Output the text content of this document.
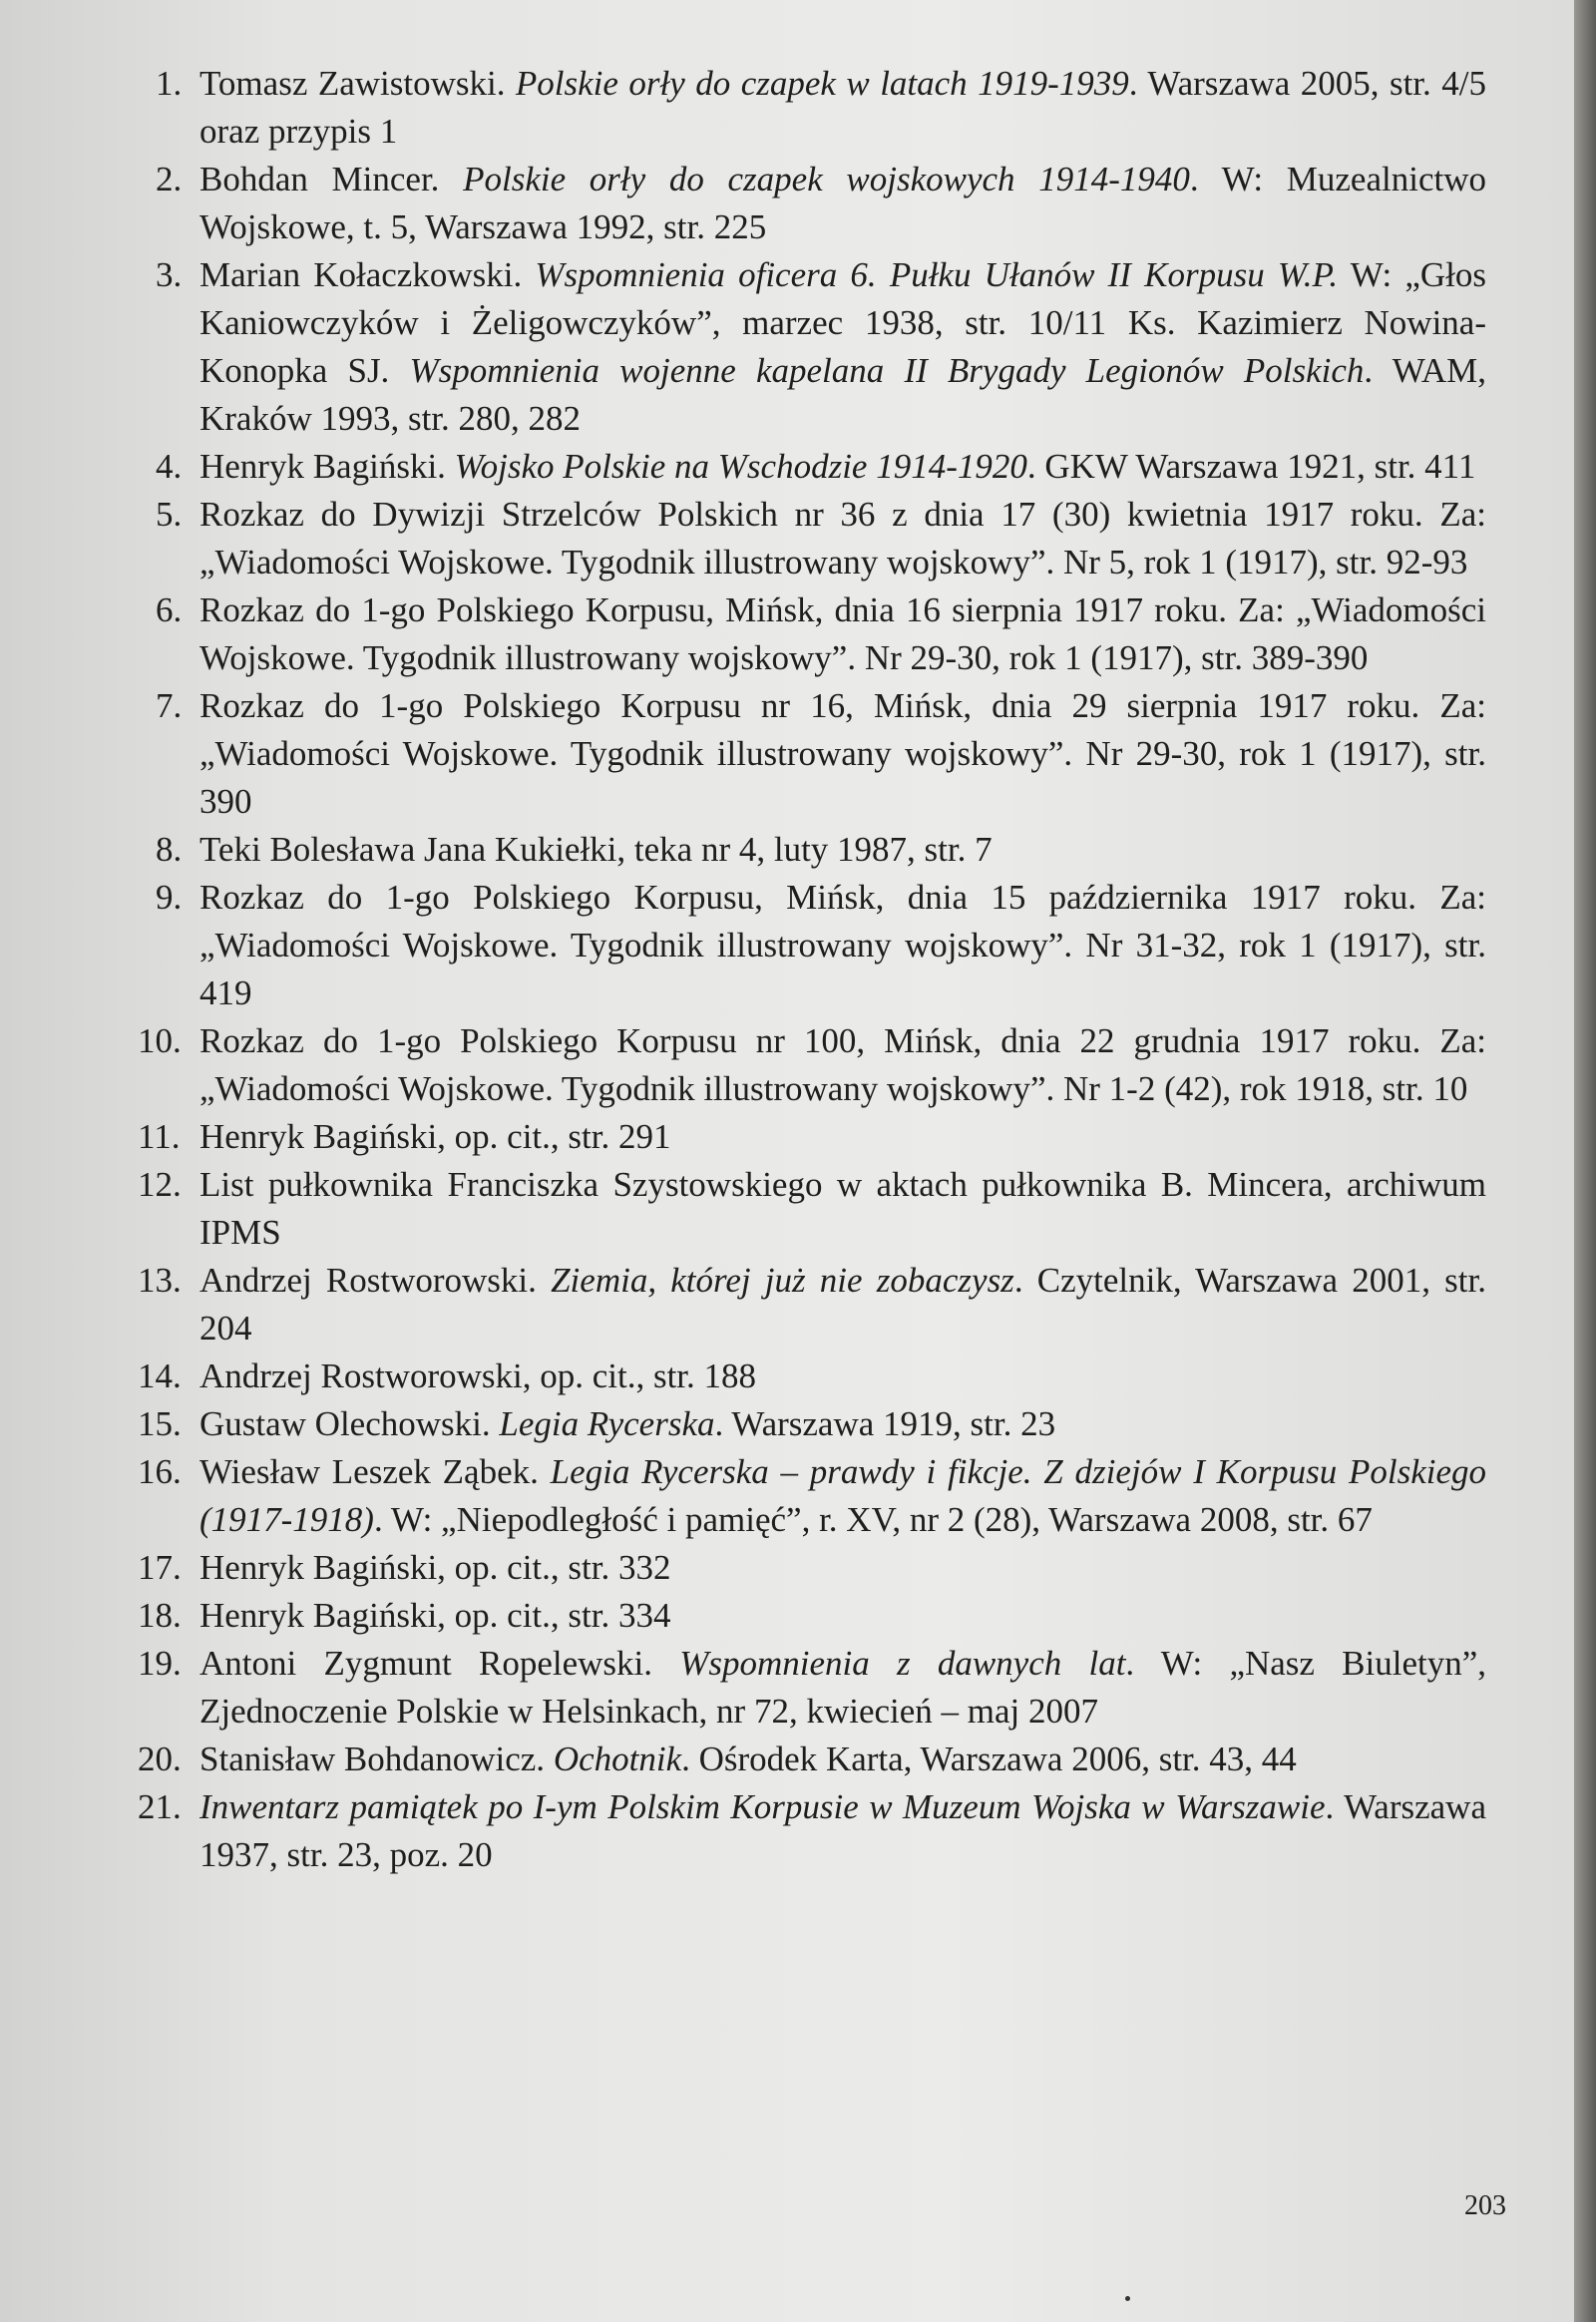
1. Tomasz Zawistowski. Polskie orły do czapek w latach 1919-1939. Warszawa 2005, str. 4/5 oraz przypis 1
2. Bohdan Mincer. Polskie orły do czapek wojskowych 1914-1940. W: Muzealnictwo Wojskowe, t. 5, Warszawa 1992, str. 225
3. Marian Kołaczkowski. Wspomnienia oficera 6. Pułku Ułanów II Korpusu W.P. W: „Głos Kaniowczyków i Żeligowczyków”, marzec 1938, str. 10/11 Ks. Kazimierz Nowina-Konopka SJ. Wspomnienia wojenne kapelana II Brygady Legionów Polskich. WAM, Kraków 1993, str. 280, 282
4. Henryk Bagiński. Wojsko Polskie na Wschodzie 1914-1920. GKW Warszawa 1921, str. 411
5. Rozkaz do Dywizji Strzelców Polskich nr 36 z dnia 17 (30) kwietnia 1917 roku. Za: „Wiadomości Wojskowe. Tygodnik illustrowany wojskowy”. Nr 5, rok 1 (1917), str. 92-93
6. Rozkaz do 1-go Polskiego Korpusu, Mińsk, dnia 16 sierpnia 1917 roku. Za: „Wiadomości Wojskowe. Tygodnik illustrowany wojskowy”. Nr 29-30, rok 1 (1917), str. 389-390
7. Rozkaz do 1-go Polskiego Korpusu nr 16, Mińsk, dnia 29 sierpnia 1917 roku. Za: „Wiadomości Wojskowe. Tygodnik illustrowany wojskowy”. Nr 29-30, rok 1 (1917), str. 390
8. Teki Bolesława Jana Kukiełki, teka nr 4, luty 1987, str. 7
9. Rozkaz do 1-go Polskiego Korpusu, Mińsk, dnia 15 października 1917 roku. Za: „Wiadomości Wojskowe. Tygodnik illustrowany wojskowy”. Nr 31-32, rok 1 (1917), str. 419
10. Rozkaz do 1-go Polskiego Korpusu nr 100, Mińsk, dnia 22 grudnia 1917 roku. Za: „Wiadomości Wojskowe. Tygodnik illustrowany wojskowy”. Nr 1-2 (42), rok 1918, str. 10
11. Henryk Bagiński, op. cit., str. 291
12. List pułkownika Franciszka Szystowskiego w aktach pułkownika B. Mincera, archiwum IPMS
13. Andrzej Rostworowski. Ziemia, której już nie zobaczysz. Czytelnik, Warszawa 2001, str. 204
14. Andrzej Rostworowski, op. cit., str. 188
15. Gustaw Olechowski. Legia Rycerska. Warszawa 1919, str. 23
16. Wiesław Leszek Ząbek. Legia Rycerska – prawdy i fikcje. Z dziejów I Korpusu Polskiego (1917-1918). W: „Niepodległość i pamięć”, r. XV, nr 2 (28), Warszawa 2008, str. 67
17. Henryk Bagiński, op. cit., str. 332
18. Henryk Bagiński, op. cit., str. 334
19. Antoni Zygmunt Ropelewski. Wspomnienia z dawnych lat. W: „Nasz Biuletyn”, Zjednoczenie Polskie w Helsinkach, nr 72, kwiecień – maj 2007
20. Stanisław Bohdanowicz. Ochotnik. Ośrodek Karta, Warszawa 2006, str. 43, 44
21. Inwentarz pamiątek po I-ym Polskim Korpusie w Muzeum Wojska w Warszawie. Warszawa 1937, str. 23, poz. 20
203
